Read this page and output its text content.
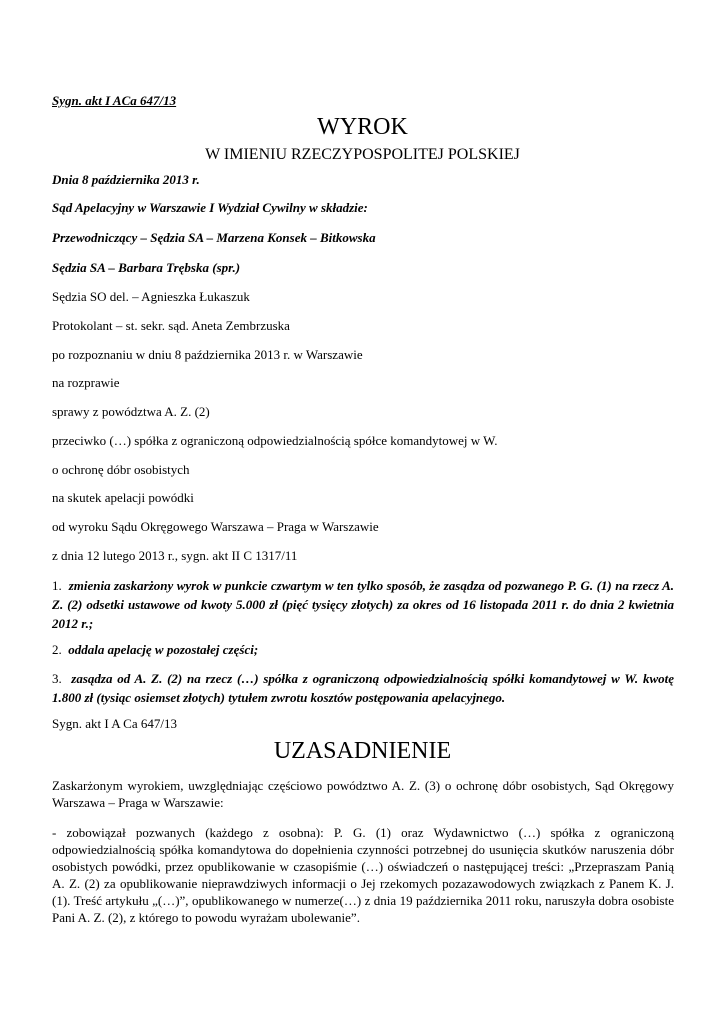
Sygn. akt I ACa 647/13
WYROK
W IMIENIU RZECZYPOSPOLITEJ POLSKIEJ
Dnia 8 października 2013 r.
Sąd Apelacyjny w Warszawie I Wydział Cywilny w składzie:
Przewodniczący – Sędzia SA – Marzena Konsek – Bitkowska
Sędzia SA – Barbara Trębska (spr.)
Sędzia SO del. – Agnieszka Łukaszuk
Protokolant – st. sekr. sąd. Aneta Zembrzuska
po rozpoznaniu w dniu 8 października 2013 r. w Warszawie
na rozprawie
sprawy z powództwa A. Z. (2)
przeciwko (…) spółka z ograniczoną odpowiedzialnością spółce komandytowej w W.
o ochronę dóbr osobistych
na skutek apelacji powódki
od wyroku Sądu Okręgowego Warszawa – Praga w Warszawie
z dnia 12 lutego 2013 r., sygn. akt II C 1317/11
1. zmienia zaskarżony wyrok w punkcie czwartym w ten tylko sposób, że zasądza od pozwanego P. G. (1) na rzecz A. Z. (2) odsetki ustawowe od kwoty 5.000 zł (pięć tysięcy złotych) za okres od 16 listopada 2011 r. do dnia 2 kwietnia 2012 r.;
2. oddala apelację w pozostałej części;
3. zasądza od A. Z. (2) na rzecz (…) spółka z ograniczoną odpowiedzialnością spółki komandytowej w W. kwotę 1.800 zł (tysiąc osiemset złotych) tytułem zwrotu kosztów postępowania apelacyjnego.
Sygn. akt I A Ca 647/13
UZASADNIENIE
Zaskarżonym wyrokiem, uwzględniając częściowo powództwo A. Z. (3) o ochronę dóbr osobistych, Sąd Okręgowy Warszawa – Praga w Warszawie:
- zobowiązał pozwanych (każdego z osobna): P. G. (1) oraz Wydawnictwo (…) spółka z ograniczoną odpowiedzialnością spółka komandytowa do dopełnienia czynności potrzebnej do usunięcia skutków naruszenia dóbr osobistych powódki, przez opublikowanie w czasopiśmie (…) oświadczeń o następującej treści: „Przepraszam Panią A. Z. (2) za opublikowanie nieprawdziwych informacji o Jej rzekomych pozazawodowych związkach z Panem K. J. (1). Treść artykułu „(…)”, opublikowanego w numerze(…) z dnia 19 października 2011 roku, naruszyła dobra osobiste Pani A. Z. (2), z którego to powodu wyrażam ubolewanie”.
